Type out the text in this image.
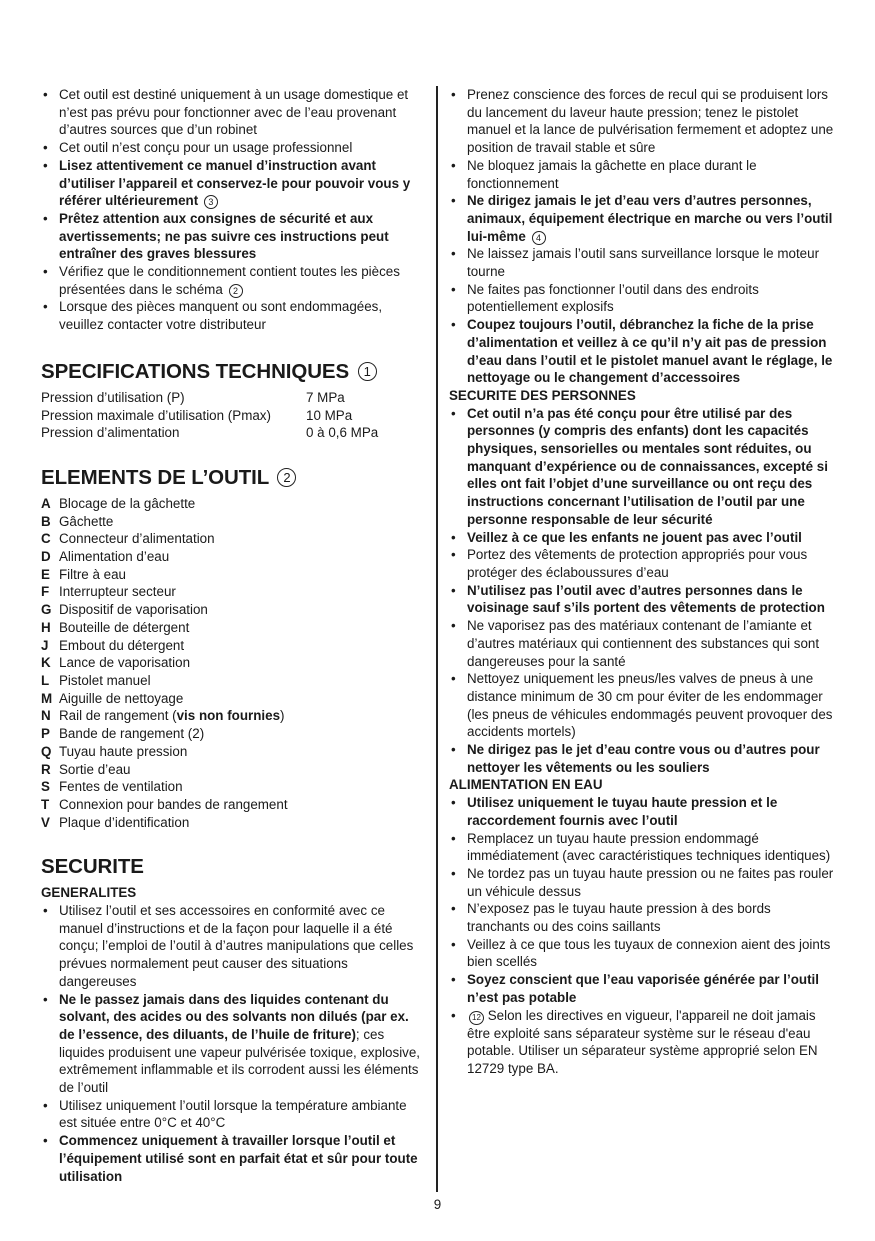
• Cet outil est destiné uniquement à un usage domestique et n’est pas prévu pour fonctionner avec de l’eau provenant d’autres sources que d’un robinet
• Cet outil n’est conçu pour un usage professionnel
• Lisez attentivement ce manuel d’instruction avant d’utiliser l’appareil et conservez-le pour pouvoir vous y référer ultérieurement 3
• Prêtez attention aux consignes de sécurité et aux avertissements; ne pas suivre ces instructions peut entraîner des graves blessures
• Vérifiez que le conditionnement contient toutes les pièces présentées dans le schéma 2
• Lorsque des pièces manquent ou sont endommagées, veuillez contacter votre distributeur
SPECIFICATIONS TECHNIQUES 1
Pression d’utilisation (P)	7 MPa
Pression maximale d’utilisation (Pmax)	10 MPa
Pression d’alimentation	0 à 0,6 MPa
ELEMENTS DE L’OUTIL 2
A Blocage de la gâchette
B Gâchette
C Connecteur d’alimentation
D Alimentation d’eau
E Filtre à eau
F Interrupteur secteur
G Dispositif de vaporisation
H Bouteille de détergent
J Embout du détergent
K Lance de vaporisation
L Pistolet manuel
M Aiguille de nettoyage
N Rail de rangement (vis non fournies)
P Bande de rangement (2)
Q Tuyau haute pression
R Sortie d’eau
S Fentes de ventilation
T Connexion pour bandes de rangement
V Plaque d’identification
SECURITE
GENERALITES
• Utilisez l’outil et ses accessoires en conformité avec ce manuel d’instructions et de la façon pour laquelle il a été conçu; l’emploi de l’outil à d’autres manipulations que celles prévues normalement peut causer des situations dangereuses
• Ne le passez jamais dans des liquides contenant du solvant, des acides ou des solvants non dilués (par ex. de l’essence, des diluants, de l’huile de friture); ces liquides produisent une vapeur pulvérisée toxique, explosive, extrêmement inflammable et ils corrodent aussi les éléments de l’outil
• Utilisez uniquement l’outil lorsque la température ambiante est située entre 0°C et 40°C
• Commencez uniquement à travailler lorsque l’outil et l’équipement utilisé sont en parfait état et sûr pour toute utilisation
• Prenez conscience des forces de recul qui se produisent lors du lancement du laveur haute pression; tenez le pistolet manuel et la lance de pulvérisation fermement et adoptez une position de travail stable et sûre
• Ne bloquez jamais la gâchette en place durant le fonctionnement
• Ne dirigez jamais le jet d’eau vers d’autres personnes, animaux, équipement électrique en marche ou vers l’outil lui-même 4
• Ne laissez jamais l’outil sans surveillance lorsque le moteur tourne
• Ne faites pas fonctionner l’outil dans des endroits potentiellement explosifs
• Coupez toujours l’outil, débranchez la fiche de la prise d’alimentation et veillez à ce qu’il n’y ait pas de pression d’eau dans l’outil et le pistolet manuel avant le réglage, le nettoyage ou le changement d’accessoires
SECURITE DES PERSONNES
• Cet outil n’a pas été conçu pour être utilisé par des personnes (y compris des enfants) dont les capacités physiques, sensorielles ou mentales sont réduites, ou manquant d’expérience ou de connaissances, excepté si elles ont fait l’objet d’une surveillance ou ont reçu des instructions concernant l’utilisation de l’outil par une personne responsable de leur sécurité
• Veillez à ce que les enfants ne jouent pas avec l’outil
• Portez des vêtements de protection appropriés pour vous protéger des éclaboussures d’eau
• N’utilisez pas l’outil avec d’autres personnes dans le voisinage sauf s’ils portent des vêtements de protection
• Ne vaporisez pas des matériaux contenant de l’amiante et d’autres matériaux qui contiennent des substances qui sont dangereuses pour la santé
• Nettoyez uniquement les pneus/les valves de pneus à une distance minimum de 30 cm pour éviter de les endommager (les pneus de véhicules endommagés peuvent provoquer des accidents mortels)
• Ne dirigez pas le jet d’eau contre vous ou d’autres pour nettoyer les vêtements ou les souliers
ALIMENTATION EN EAU
• Utilisez uniquement le tuyau haute pression et le raccordement fournis avec l’outil
• Remplacez un tuyau haute pression endommagé immédiatement (avec caractéristiques techniques identiques)
• Ne tordez pas un tuyau haute pression ou ne faites pas rouler un véhicule dessus
• N’exposez pas le tuyau haute pression à des bords tranchants ou des coins saillants
• Veillez à ce que tous les tuyaux de connexion aient des joints bien scellés
• Soyez conscient que l’eau vaporisée générée par l’outil n’est pas potable
• 12 Selon les directives en vigueur, l'appareil ne doit jamais être exploité sans séparateur système sur le réseau d'eau potable. Utiliser un séparateur système approprié selon EN 12729 type BA.
9
